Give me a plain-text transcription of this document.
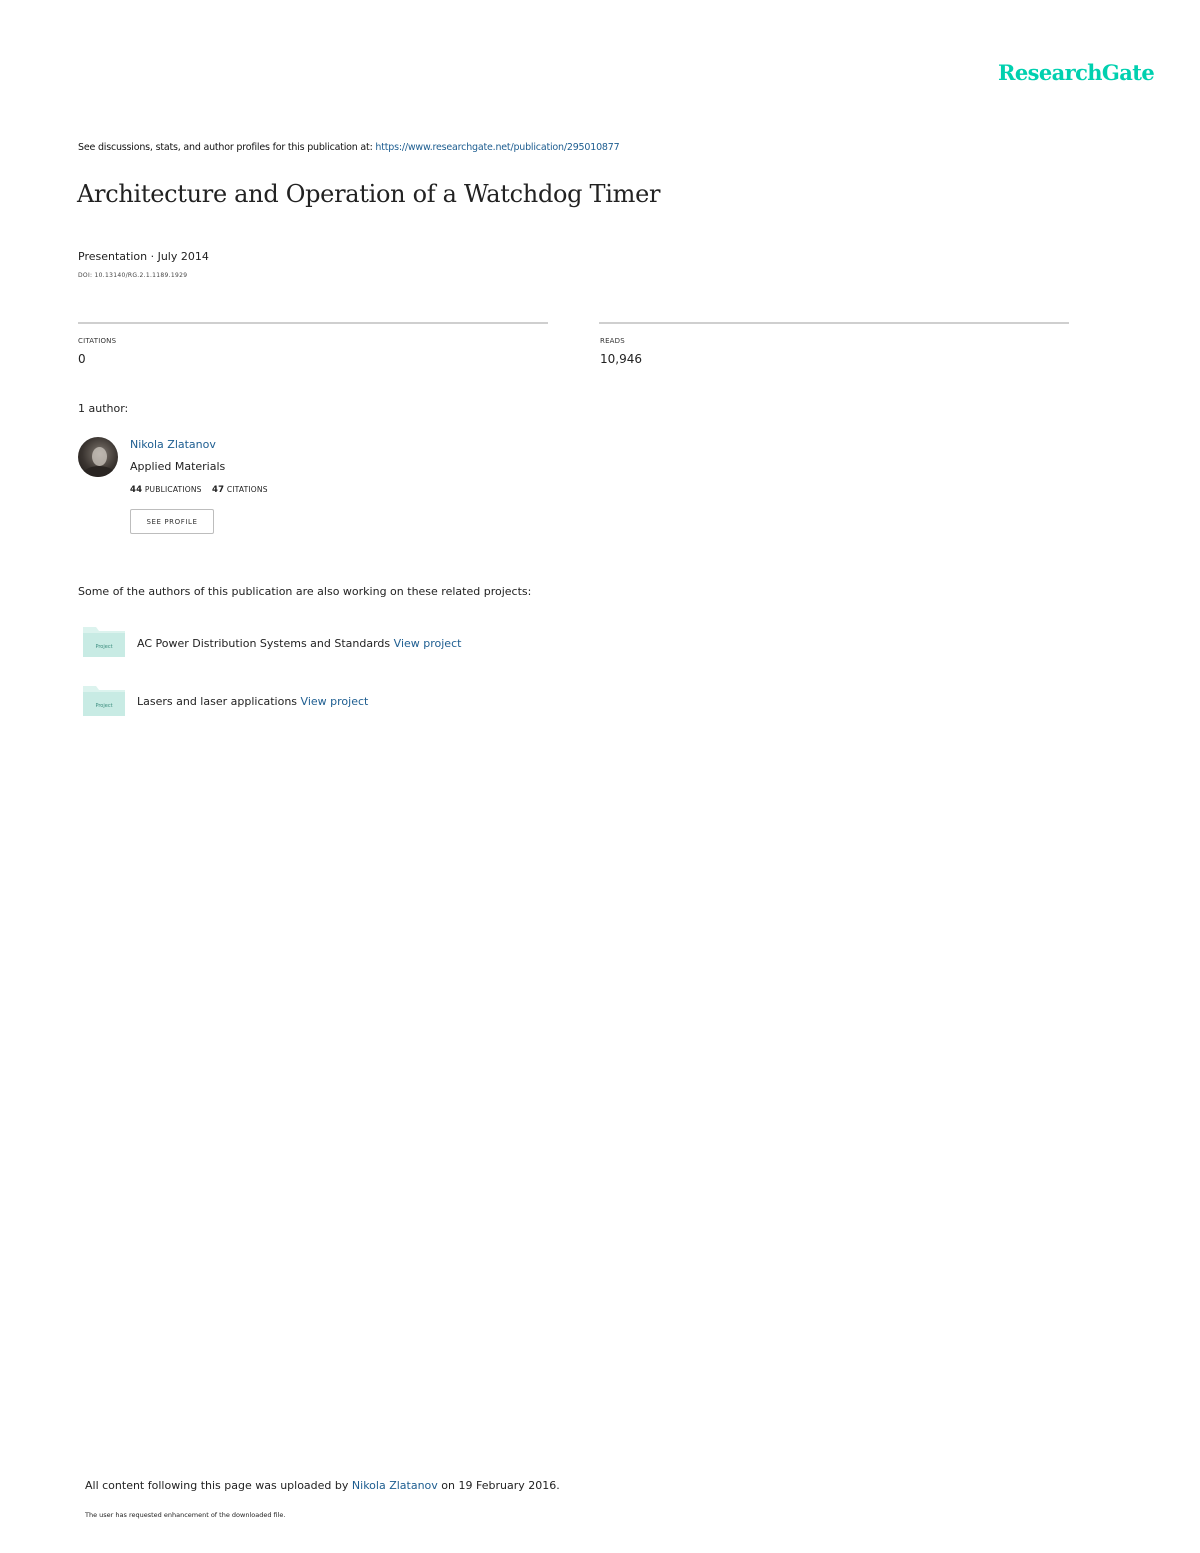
ResearchGate
See discussions, stats, and author profiles for this publication at: https://www.researchgate.net/publication/295010877
Architecture and Operation of a Watchdog Timer
Presentation · July 2014
DOI: 10.13140/RG.2.1.1189.1929
CITATIONS
0
READS
10,946
1 author:
Nikola Zlatanov
Applied Materials
44 PUBLICATIONS 47 CITATIONS
SEE PROFILE
Some of the authors of this publication are also working on these related projects:
Project AC Power Distribution Systems and Standards View project
Project Lasers and laser applications View project
All content following this page was uploaded by Nikola Zlatanov on 19 February 2016.
The user has requested enhancement of the downloaded file.
